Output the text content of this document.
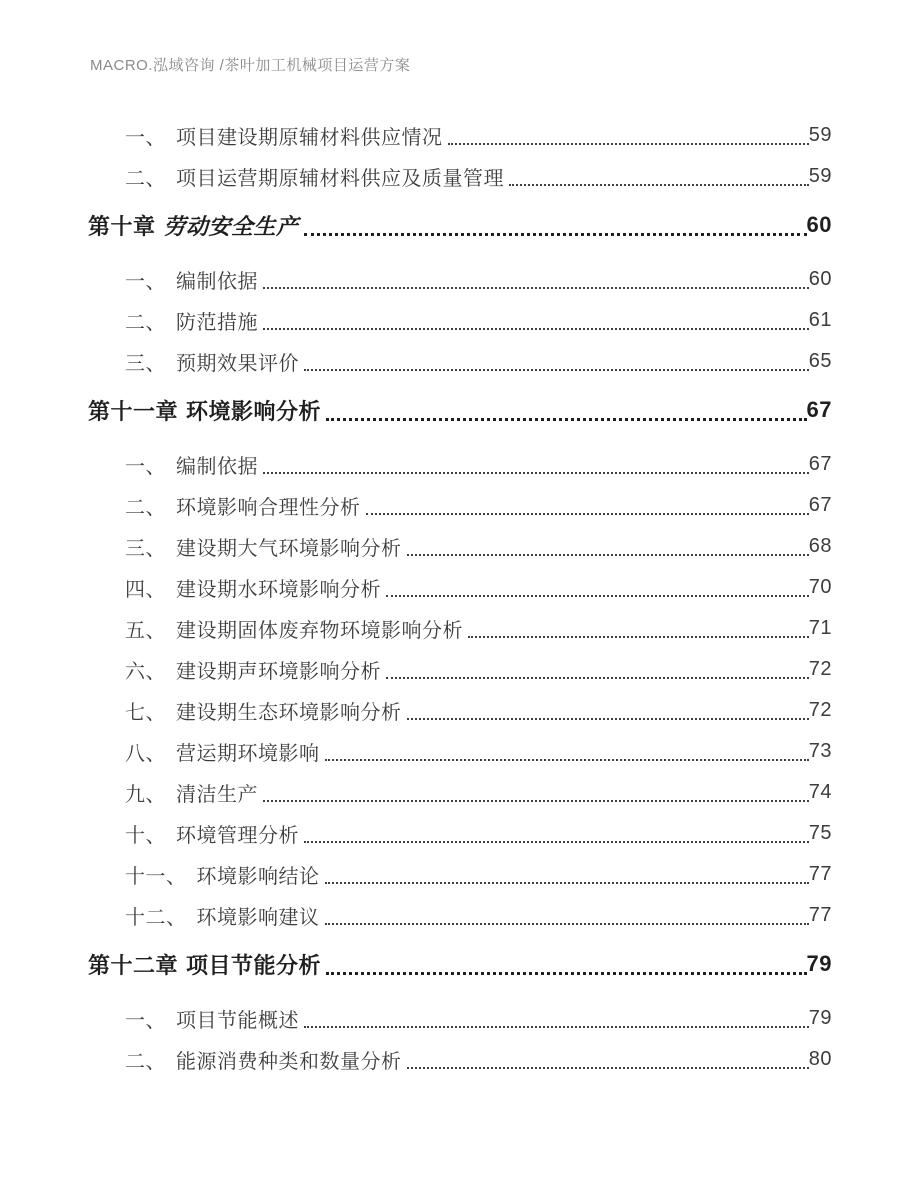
MACRO.泓域咨询 /茶叶加工机械项目运营方案
一、 项目建设期原辅材料供应情况	59
二、 项目运营期原辅材料供应及质量管理	59
第十章 劳动安全生产	60
一、 编制依据	60
二、 防范措施	61
三、 预期效果评价	65
第十一章 环境影响分析	67
一、 编制依据	67
二、 环境影响合理性分析	67
三、 建设期大气环境影响分析	68
四、 建设期水环境影响分析	70
五、 建设期固体废弃物环境影响分析	71
六、 建设期声环境影响分析	72
七、 建设期生态环境影响分析	72
八、 营运期环境影响	73
九、 清洁生产	74
十、 环境管理分析	75
十一、 环境影响结论	77
十二、 环境影响建议	77
第十二章 项目节能分析	79
一、 项目节能概述	79
二、 能源消费种类和数量分析	80
